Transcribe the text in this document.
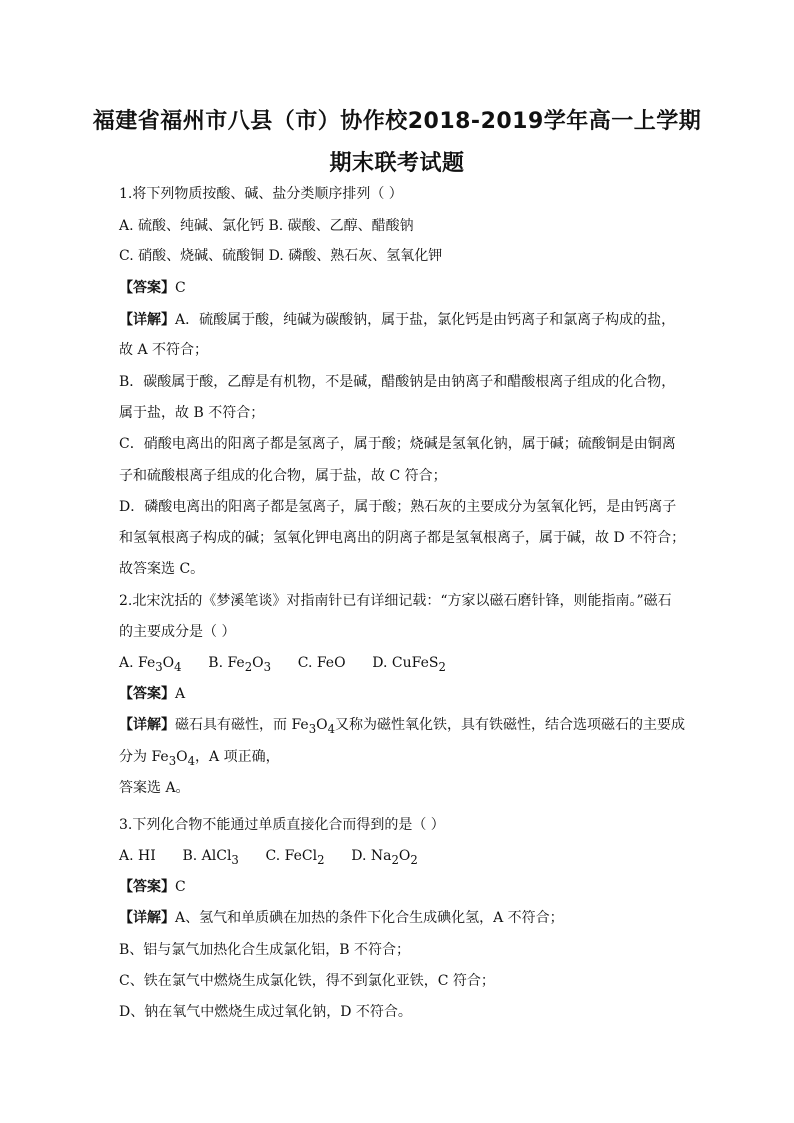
福建省福州市八县（市）协作校2018-2019学年高一上学期
期末联考试题
1.将下列物质按酸、碱、盐分类顺序排列（ ）
A. 硫酸、纯碱、氯化钙 B. 碳酸、乙醇、醋酸钠
C. 硝酸、烧碱、硫酸铜 D. 磷酸、熟石灰、氢氧化钾
【答案】C
【详解】A．硫酸属于酸，纯碱为碳酸钠，属于盐，氯化钙是由钙离子和氯离子构成的盐，
故 A 不符合；
B．碳酸属于酸，乙醇是有机物，不是碱，醋酸钠是由钠离子和醋酸根离子组成的化合物，
属于盐，故 B 不符合；
C．硝酸电离出的阳离子都是氢离子，属于酸；烧碱是氢氧化钠，属于碱；硫酸铜是由铜离
子和硫酸根离子组成的化合物，属于盐，故 C 符合；
D．磷酸电离出的阳离子都是氢离子，属于酸；熟石灰的主要成分为氢氧化钙，是由钙离子
和氢氧根离子构成的碱；氢氧化钾电离出的阴离子都是氢氧根离子，属于碱，故 D 不符合；
故答案选 C。
2.北宋沈括的《梦溪笔谈》对指南针已有详细记载：“方家以磁石磨针锋，则能指南。”磁石
的主要成分是（ ）
A. $Fe_3O_4$ B. $Fe_2O_3$ C. FeO D. CuFeS$_2$
【答案】A
【详解】磁石具有磁性，而 $Fe_3O_4$又称为磁性氧化铁，具有铁磁性，结合选项磁石的主要成
分为 $Fe_3O_4$，A 项正确，
答案选 A。
3.下列化合物不能通过单质直接化合而得到的是（ ）
A. HI B. AlCl$_3$ C. FeCl$_2$ D. $Na_2O_2$
【答案】C
【详解】A、氢气和单质碘在加热的条件下化合生成碘化氢，A 不符合；
B、铝与氯气加热化合生成氯化铝，B 不符合；
C、铁在氯气中燃烧生成氯化铁，得不到氯化亚铁，C 符合；
D、钠在氧气中燃烧生成过氧化钠，D 不符合。
